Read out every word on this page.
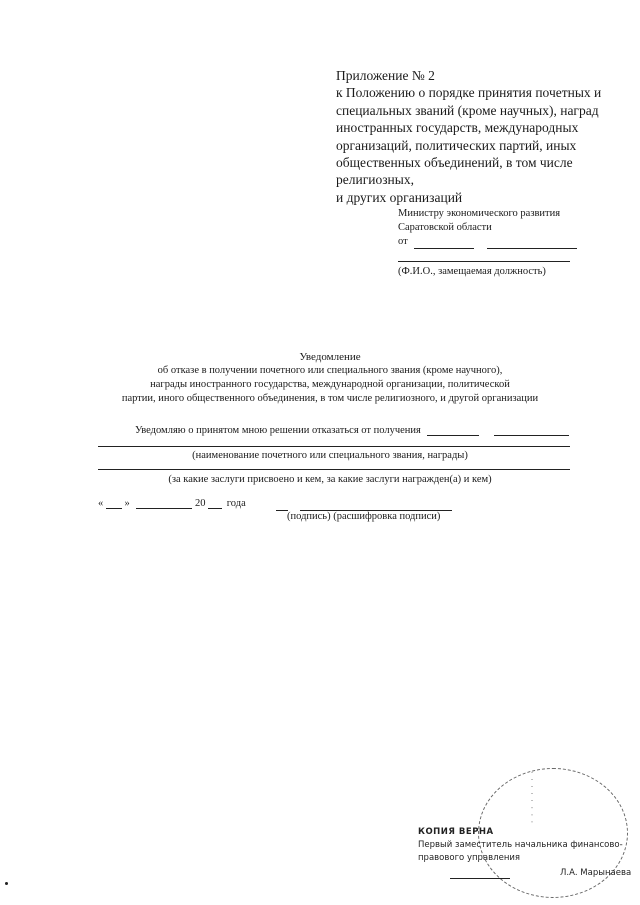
Приложение № 2
к Положению о порядке принятия почетных и
специальных званий (кроме научных), наград
иностранных государств, международных
организаций, политических партий, иных
общественных объединений, в том числе
религиозных,
и других организаций
Министру экономического развития
Саратовской области
от
(Ф.И.О., замещаемая должность)
Уведомление
об отказе в получении почетного или специального звания (кроме научного),
награды иностранного государства, международной организации, политической
партии, иного общественного объединения, в том числе религиозного, и другой организации
Уведомляю о принятом мною решении отказаться от получения
(наименование почетного или специального звания, награды)
(за какие заслуги присвоено и кем, за какие заслуги награжден(а) и кем)
« »	20 года
(подпись) (расшифровка подписи)
· · · · · · · ·
КОПИЯ ВЕРНА
Первый заместитель начальника финансово-
правового управления
Л.А. Марынаева
